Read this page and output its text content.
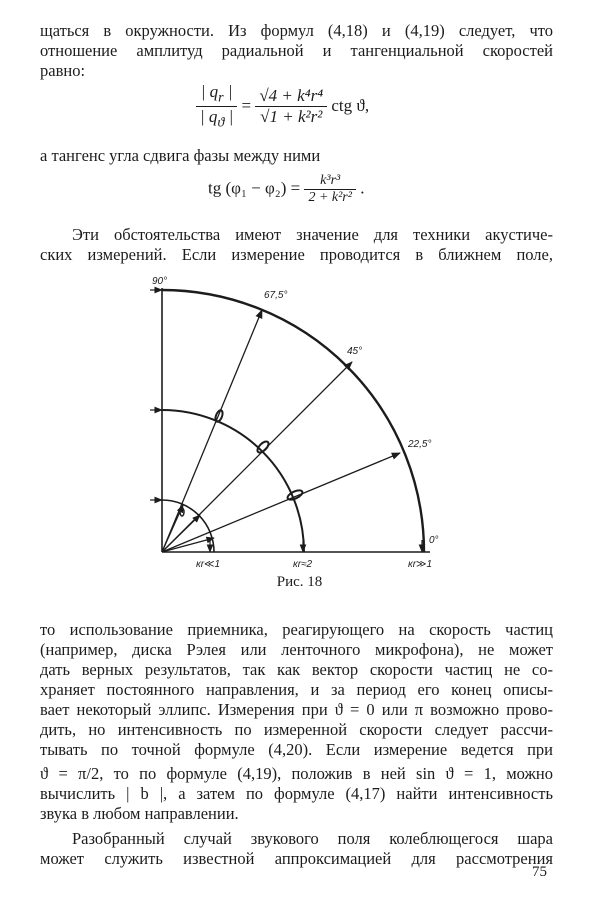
щаться в окружности. Из формул (4,18) и (4,19) следует, что
отношение амплитуд радиальной и тангенциальной скоростей
равно:
$\frac{| q_r |}{| q_ϑ |} = \frac{\text{√4 + k⁴r⁴}}{\text{√1 + k²r²}}$ ctg ϑ,
а тангенс угла сдвига фазы между ними
tg $(\varphi_1 - \varphi_2) = \frac{\text{k³r³}}{\text{2 + k²r²}}$ .
Эти обстоятельства имеют значение для техники акустиче-
ских измерений. Если измерение проводится в ближнем поле,
90°
67,5°
45°
22,5°
0°
кr≪1	кr≈2	кr≫1
Рис. 18
то использование приемника, реагирующего на скорость частиц
(например, диска Рэлея или ленточного микрофона), не может
дать верных результатов, так как вектор скорости частиц не со-
храняет постоянного направления, и за период его конец описы-
вает некоторый эллипс. Измерения при ϑ = 0 или π возможно прово-
дить, но интенсивность по измеренной скорости следует рассчи-
тывать по точной формуле (4,20). Если измерение ведется при
ϑ = π/2, то по формуле (4,19), положив в ней sin ϑ = 1, можно
вычислить | b |, а затем по формуле (4,17) найти интенсивность
звука в любом направлении.
Разобранный случай звукового поля колеблющегося шара
может служить известной аппроксимацией для рассмотрения
75
